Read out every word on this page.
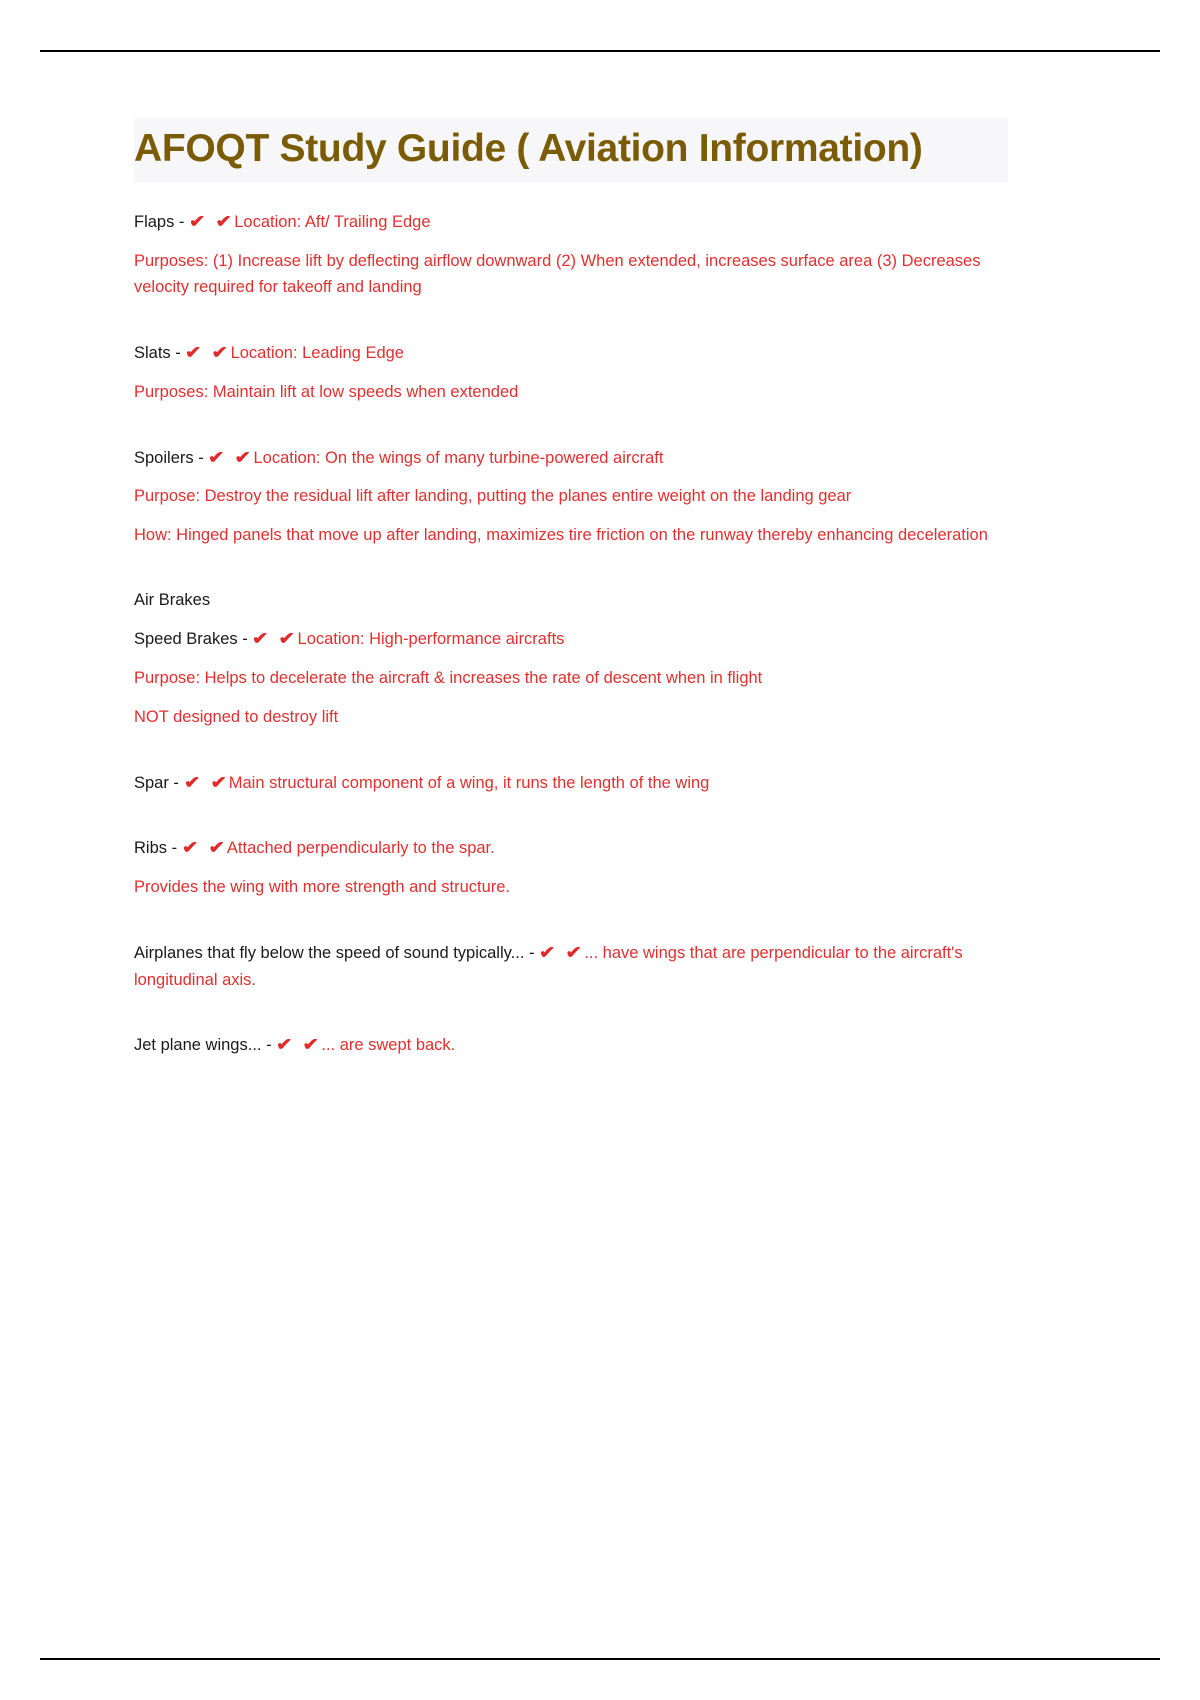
AFOQT Study Guide ( Aviation Information)

Flaps - ✔ ✔Location: Aft/ Trailing Edge

Purposes: (1) Increase lift by deflecting airflow downward (2) When extended, increases surface area (3) Decreases velocity required for takeoff and landing

Slats - ✔ ✔Location: Leading Edge

Purposes: Maintain lift at low speeds when extended

Spoilers - ✔ ✔Location: On the wings of many turbine-powered aircraft

Purpose: Destroy the residual lift after landing, putting the planes entire weight on the landing gear

How: Hinged panels that move up after landing, maximizes tire friction on the runway thereby enhancing deceleration

Air Brakes

Speed Brakes - ✔ ✔Location: High-performance aircrafts

Purpose: Helps to decelerate the aircraft & increases the rate of descent when in flight

NOT designed to destroy lift

Spar - ✔ ✔Main structural component of a wing, it runs the length of the wing

Ribs - ✔ ✔Attached perpendicularly to the spar.

Provides the wing with more strength and structure.

Airplanes that fly below the speed of sound typically... - ✔ ✔... have wings that are perpendicular to the aircraft's longitudinal axis.

Jet plane wings... - ✔ ✔... are swept back.
